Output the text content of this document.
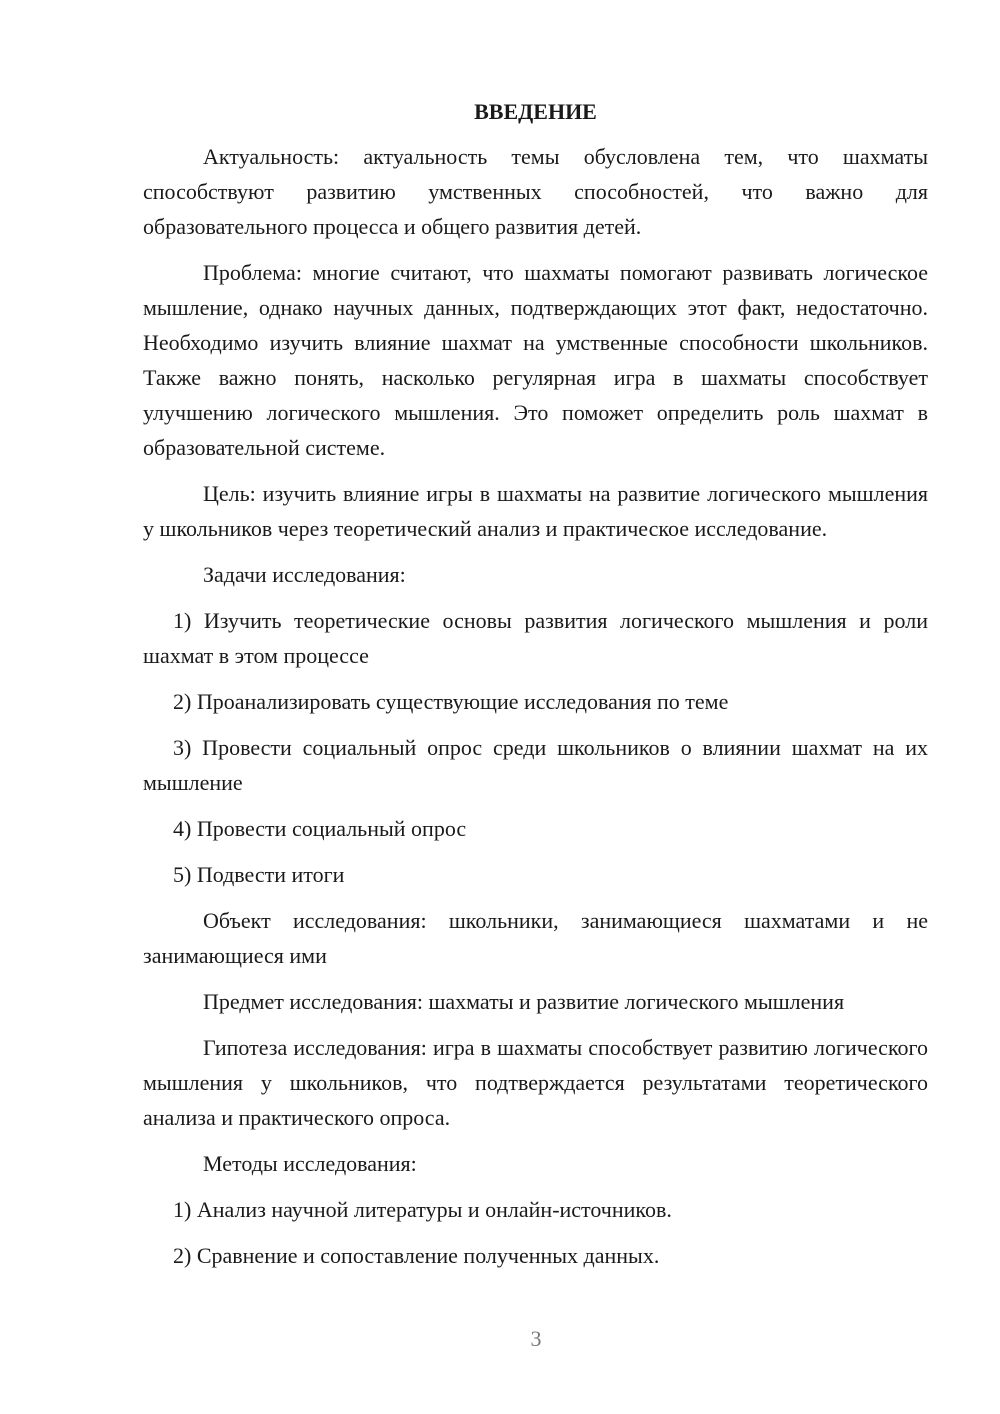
ВВЕДЕНИЕ

Актуальность: актуальность темы обусловлена тем, что шахматы способствуют развитию умственных способностей, что важно для образовательного процесса и общего развития детей.

Проблема: многие считают, что шахматы помогают развивать логическое мышление, однако научных данных, подтверждающих этот факт, недостаточно. Необходимо изучить влияние шахмат на умственные способности школьников. Также важно понять, насколько регулярная игра в шахматы способствует улучшению логического мышления. Это поможет определить роль шахмат в образовательной системе.

Цель: изучить влияние игры в шахматы на развитие логического мышления у школьников через теоретический анализ и практическое исследование.

Задачи исследования:

1) Изучить теоретические основы развития логического мышления и роли шахмат в этом процессе

2) Проанализировать существующие исследования по теме

3) Провести социальный опрос среди школьников о влиянии шахмат на их мышление

4) Провести социальный опрос

5) Подвести итоги

Объект исследования: школьники, занимающиеся шахматами и не занимающиеся ими

Предмет исследования: шахматы и развитие логического мышления

Гипотеза исследования: игра в шахматы способствует развитию логического мышления у школьников, что подтверждается результатами теоретического анализа и практического опроса.

Методы исследования:

1) Анализ научной литературы и онлайн-источников.

2) Сравнение и сопоставление полученных данных.

3
